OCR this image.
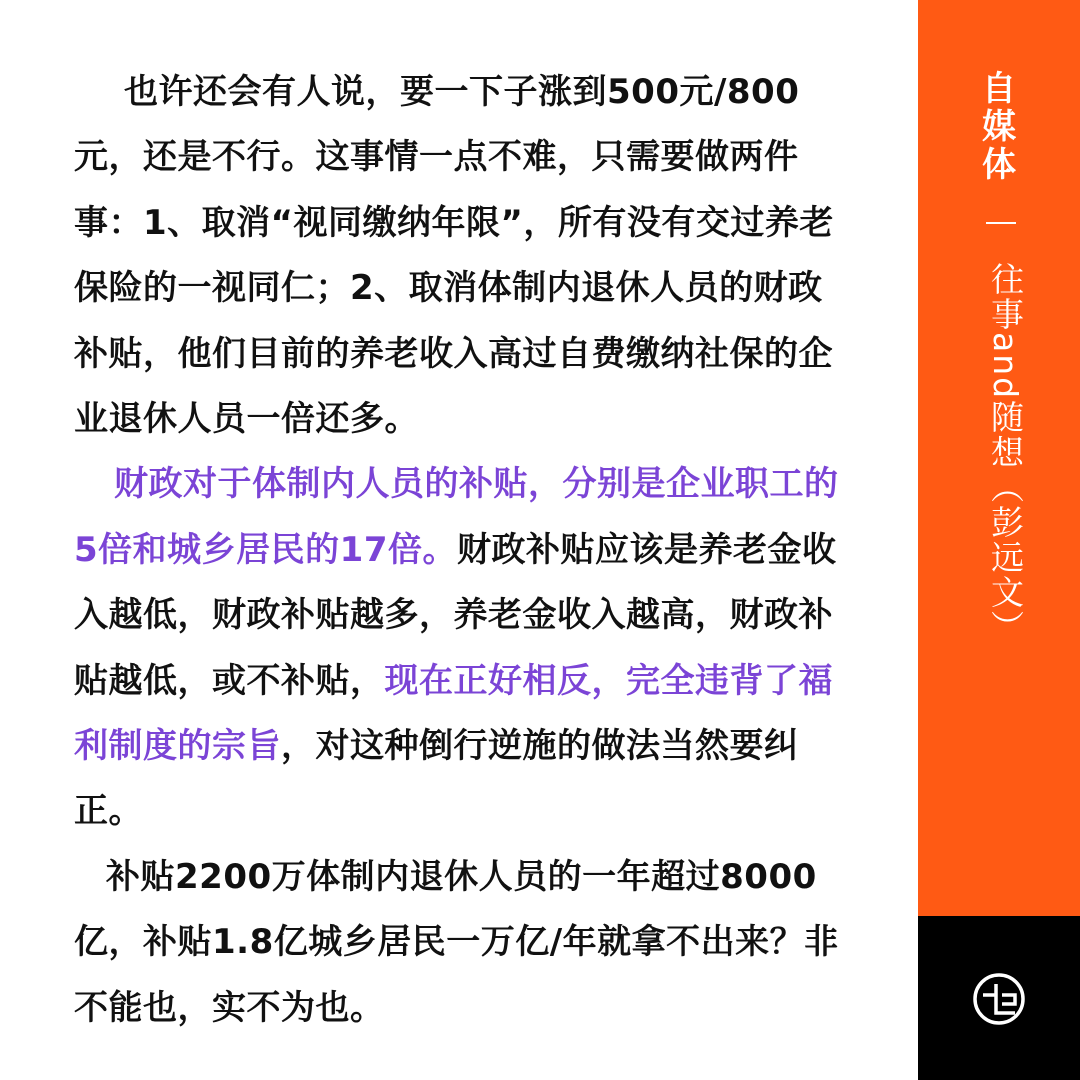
也许还会有人说，要一下子涨到500元/800元，还是不行。这事情一点不难，只需要做两件事：1、取消“视同缴纳年限”，所有没有交过养老保险的一视同仁；2、取消体制内退休人员的财政补贴，他们目前的养老收入高过自费缴纳社保的企业退休人员一倍还多。

财政对于体制内人员的补贴，分别是企业职工的5倍和城乡居民的17倍。财政补贴应该是养老金收入越低，财政补贴越多，养老金收入越高，财政补贴越低，或不补贴，现在正好相反，完全违背了福利制度的宗旨，对这种倒行逆施的做法当然要纠正。

补贴2200万体制内退休人员的一年超过8000亿，补贴1.8亿城乡居民一万亿/年就拿不出来？非不能也，实不为也。

自
媒
体
往事and随想（彭远文）
